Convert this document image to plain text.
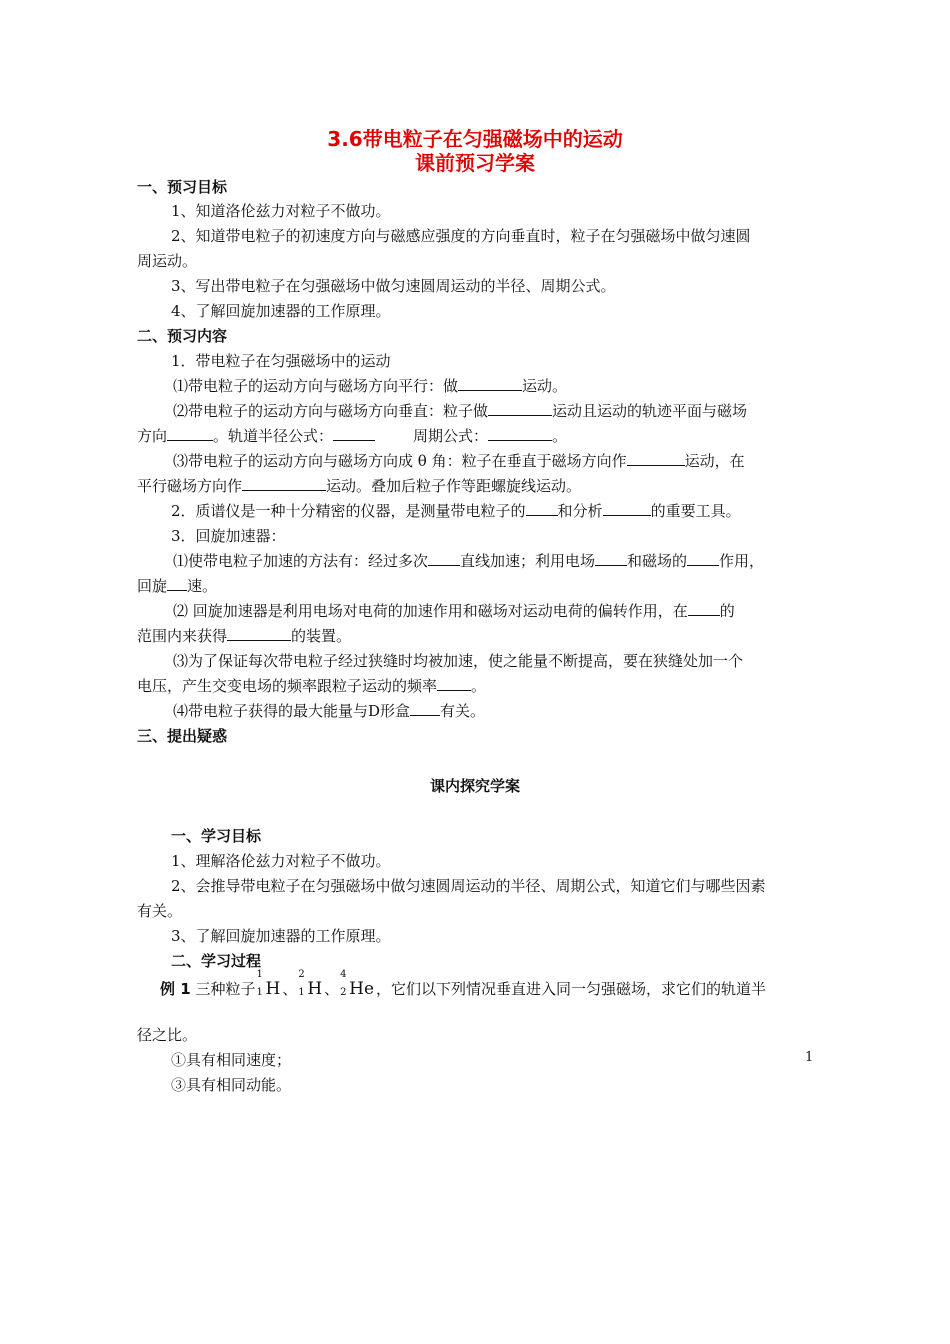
3.6带电粒子在匀强磁场中的运动
课前预习学案
一、预习目标
1、知道洛伦兹力对粒子不做功。
2、知道带电粒子的初速度方向与磁感应强度的方向垂直时，粒子在匀强磁场中做匀速圆
周运动。
3、写出带电粒子在匀强磁场中做匀速圆周运动的半径、周期公式。
4、了解回旋加速器的工作原理。
二、预习内容
1．带电粒子在匀强磁场中的运动
⑴带电粒子的运动方向与磁场方向平行：做	运动。
⑵带电粒子的运动方向与磁场方向垂直：粒子做	运动且运动的轨迹平面与磁场
方向	。轨道半径公式：	周期公式：	。
⑶带电粒子的运动方向与磁场方向成 θ 角：粒子在垂直于磁场方向作	运动，在
平行磁场方向作	运动。叠加后粒子作等距螺旋线运动。
2．质谱仪是一种十分精密的仪器，是测量带电粒子的 和分析	的重要工具。
3．回旋加速器：
⑴使带电粒子加速的方法有：经过多次 直线加速；利用电场 和磁场的 作用，
回旋 速。
⑵ 回旋加速器是利用电场对电荷的加速作用和磁场对运动电荷的偏转作用，在 的
范围内来获得	的装置。
⑶为了保证每次带电粒子经过狭缝时均被加速，使之能量不断提高，要在狭缝处加一个
电压，产生交变电场的频率跟粒子运动的频率 。
⑷带电粒子获得的最大能量与D形盒 有关。
三、提出疑惑
课内探究学案
一、学习目标
1、理解洛伦兹力对粒子不做功。
2、会推导带电粒子在匀强磁场中做匀速圆周运动的半径、周期公式，知道它们与哪些因素
有关。
3、了解回旋加速器的工作原理。
二、学习过程
例 1 三种粒子
1
1 H 、
2
1 H 、
4
2 He ，它们以下列情况垂直进入同一匀强磁场，求它们的轨道半
径之比。
①具有相同速度；
③具有相同动能。
1
